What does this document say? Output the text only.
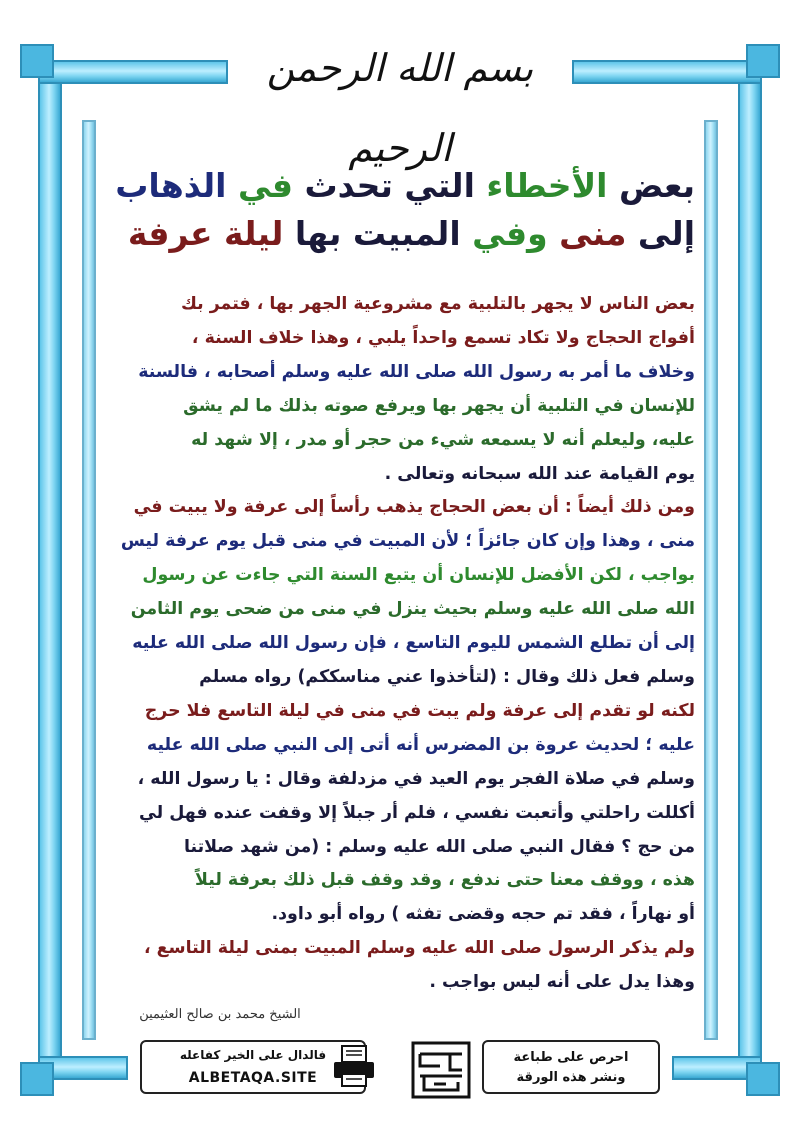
بسم الله الرحمن الرحيم
بعض الأخطاء التي تحدث في الذهاب
إلى منى وفي المبيت بها ليلة عرفة
بعض الناس لا يجهر بالتلبية مع مشروعية الجهر بها ، فتمر بك
أفواج الحجاج ولا تكاد تسمع واحداً يلبي ، وهذا خلاف السنة ،
وخلاف ما أمر به رسول الله صلى الله عليه وسلم أصحابه ، فالسنة
للإنسان في التلبية أن يجهر بها ويرفع صوته بذلك ما لم يشق
عليه، وليعلم أنه لا يسمعه شيء من حجر أو مدر ، إلا شهد له
يوم القيامة عند الله سبحانه وتعالى .
ومن ذلك أيضاً : أن بعض الحجاج يذهب رأساً إلى عرفة ولا يبيت في
منى ، وهذا وإن كان جائزاً ؛ لأن المبيت في منى قبل يوم عرفة ليس
بواجب ، لكن الأفضل للإنسان أن يتبع السنة التي جاءت عن رسول
الله صلى الله عليه وسلم بحيث ينزل في منى من ضحى يوم الثامن
إلى أن تطلع الشمس لليوم التاسع ، فإن رسول الله صلى الله عليه
وسلم فعل ذلك وقال : (لتأخذوا عني مناسككم) رواه مسلم
لكنه لو تقدم إلى عرفة ولم يبت في منى في ليلة التاسع فلا حرج
عليه ؛ لحديث عروة بن المضرس أنه أتى إلى النبي صلى الله عليه
وسلم في صلاة الفجر يوم العيد في مزدلفة وقال : يا رسول الله ،
أكللت راحلتي وأتعبت نفسي ، فلم أر جبلاً إلا وقفت عنده فهل لي
من حج ؟ فقال النبي صلى الله عليه وسلم : (من شهد صلاتنا
هذه ، ووقف معنا حتى ندفع ، وقد وقف قبل ذلك بعرفة ليلاً
أو نهاراً ، فقد تم حجه وقضى تفثه ) رواه أبو داود.
ولم يذكر الرسول صلى الله عليه وسلم المبيت بمنى ليلة التاسع ،
وهذا يدل على أنه ليس بواجب .
الشيخ محمد بن صالح العثيمين
فالدال على الخير كفاعله
ALBETAQA.SITE
احرص على طباعة
ونشر هذه الورقة
